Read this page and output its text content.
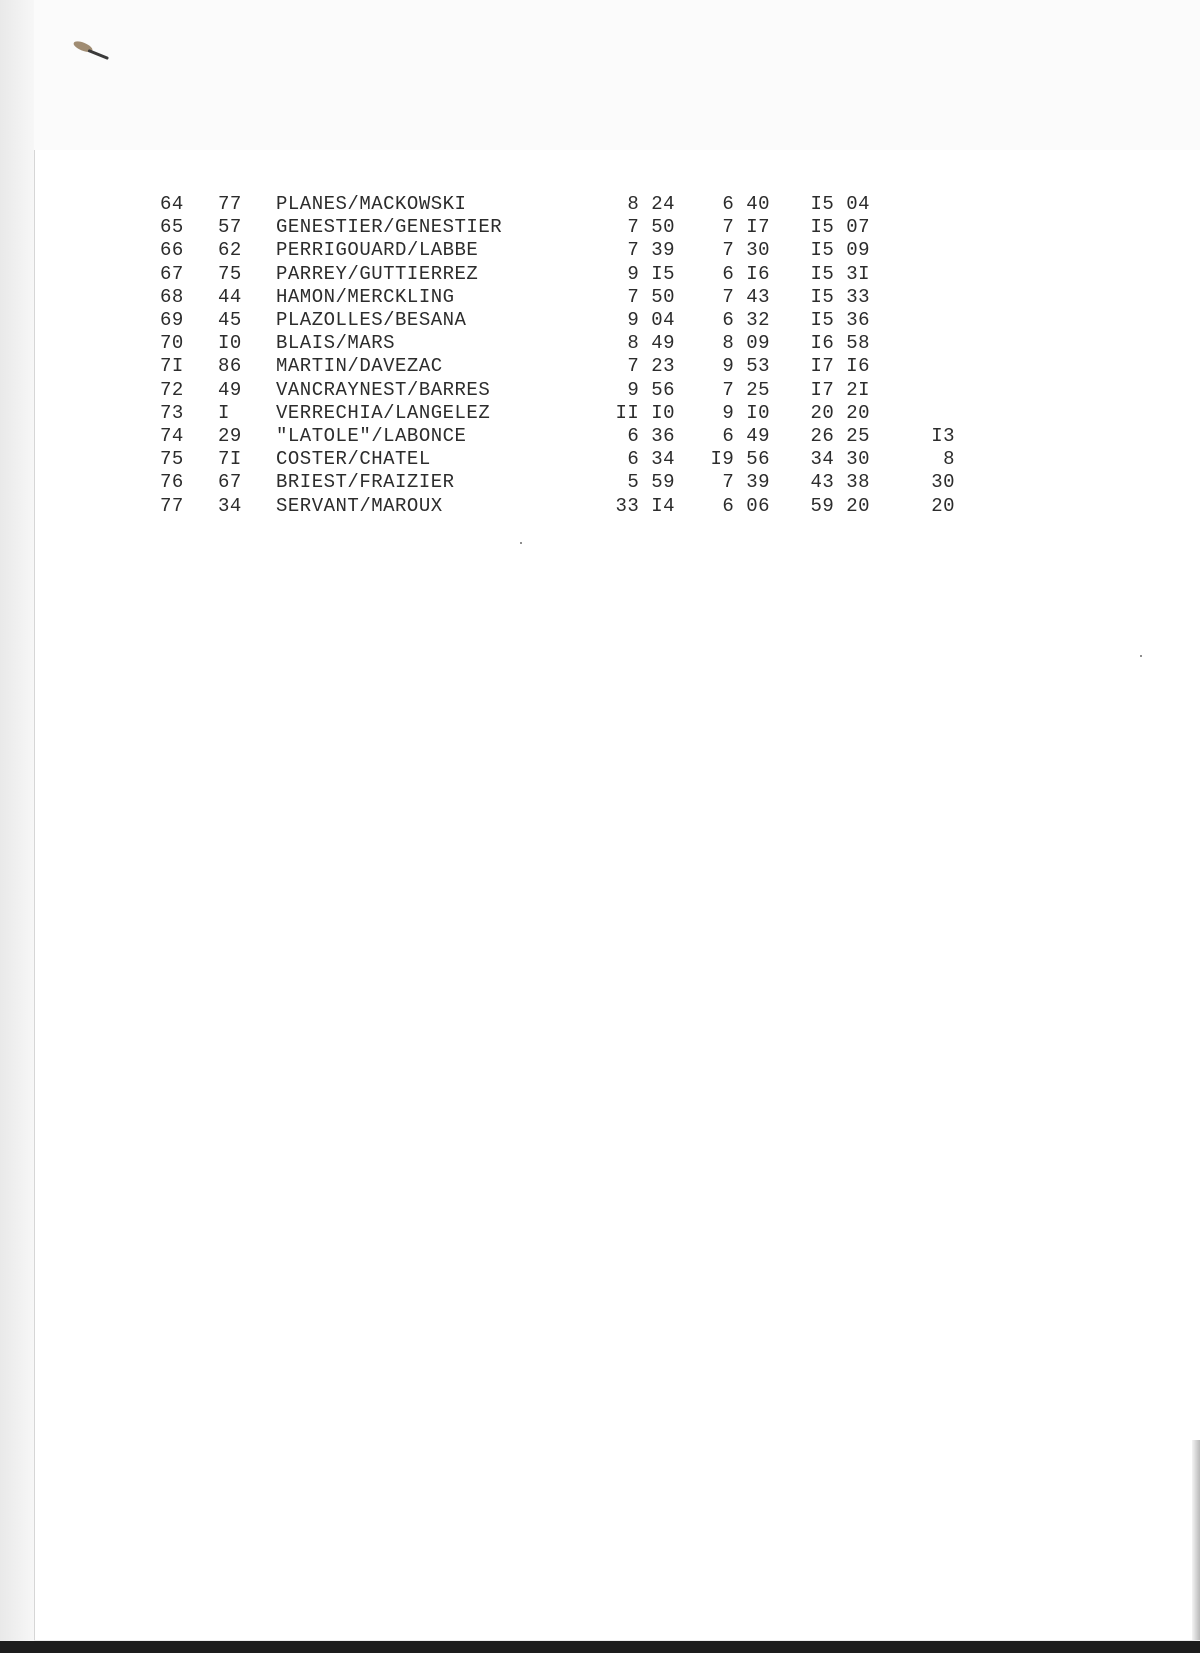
64	77	PLANES/MACKOWSKI	8 24	6 40	I5 04
65	57	GENESTIER/GENESTIER	7 50	7 I7	I5 07
66	62	PERRIGOUARD/LABBE	7 39	7 30	I5 09
67	75	PARREY/GUTTIERREZ	9 I5	6 I6	I5 3I
68	44	HAMON/MERCKLING	7 50	7 43	I5 33
69	45	PLAZOLLES/BESANA	9 04	6 32	I5 36
70	I0	BLAIS/MARS	8 49	8 09	I6 58
7I	86	MARTIN/DAVEZAC	7 23	9 53	I7 I6
72	49	VANCRAYNEST/BARRES	9 56	7 25	I7 2I
73	I	VERRECHIA/LANGELEZ	II I0	9 I0	20 20
74	29	"LATOLE"/LABONCE	6 36	6 49	26 25	I3
75	7I	COSTER/CHATEL	6 34	I9 56	34 30	8
76	67	BRIEST/FRAIZIER	5 59	7 39	43 38	30
77	34	SERVANT/MAROUX	33 I4	6 06	59 20	20
